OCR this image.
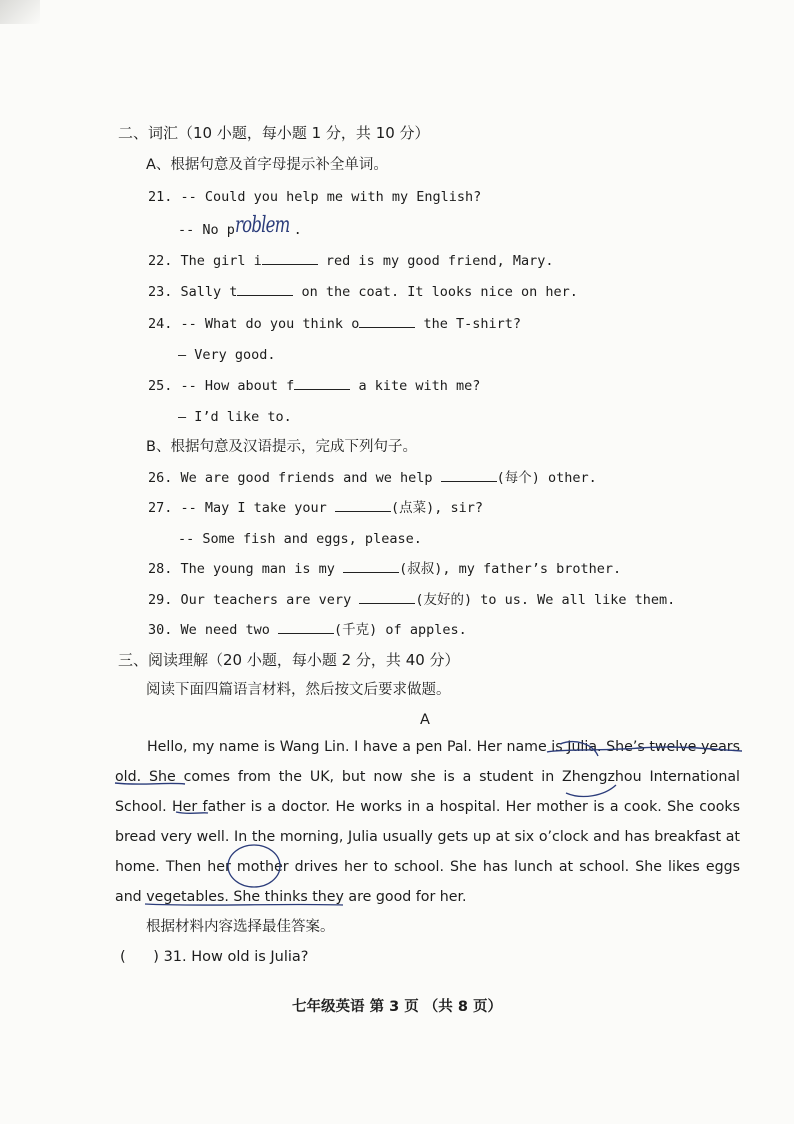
二、词汇（10 小题，每小题 1 分，共 10 分）
A、根据句意及首字母提示补全单词。
21. -- Could you help me with my English?
-- No problem .
22. The girl i	red is my good friend, Mary.
23. Sally t	on the coat. It looks nice on her.
24. -- What do you think o	the T-shirt?
— Very good.
25. -- How about f	a kite with me?
— I’d like to.
B、根据句意及汉语提示，完成下列句子。
26. We are good friends and we help	(每个) other.
27. -- May I take your	(点菜), sir?
-- Some fish and eggs, please.
28. The young man is my	(叔叔), my father’s brother.
29. Our teachers are very	(友好的) to us. We all like them.
30. We need two	(千克) of apples.
三、阅读理解（20 小题，每小题 2 分，共 40 分）
阅读下面四篇语言材料，然后按文后要求做题。
A
Hello, my name is Wang Lin. I have a pen Pal. Her name is Julia. She’s twelve years old. She comes from the UK, but now she is a student in Zhengzhou International School. Her father is a doctor. He works in a hospital. Her mother is a cook. She cooks bread very well. In the morning, Julia usually gets up at six o’clock and has breakfast at home. Then her mother drives her to school. She has lunch at school. She likes eggs and vegetables. She thinks they are good for her.
根据材料内容选择最佳答案。
(      ) 31. How old is Julia?
七年级英语 第 3 页 （共 8 页）
